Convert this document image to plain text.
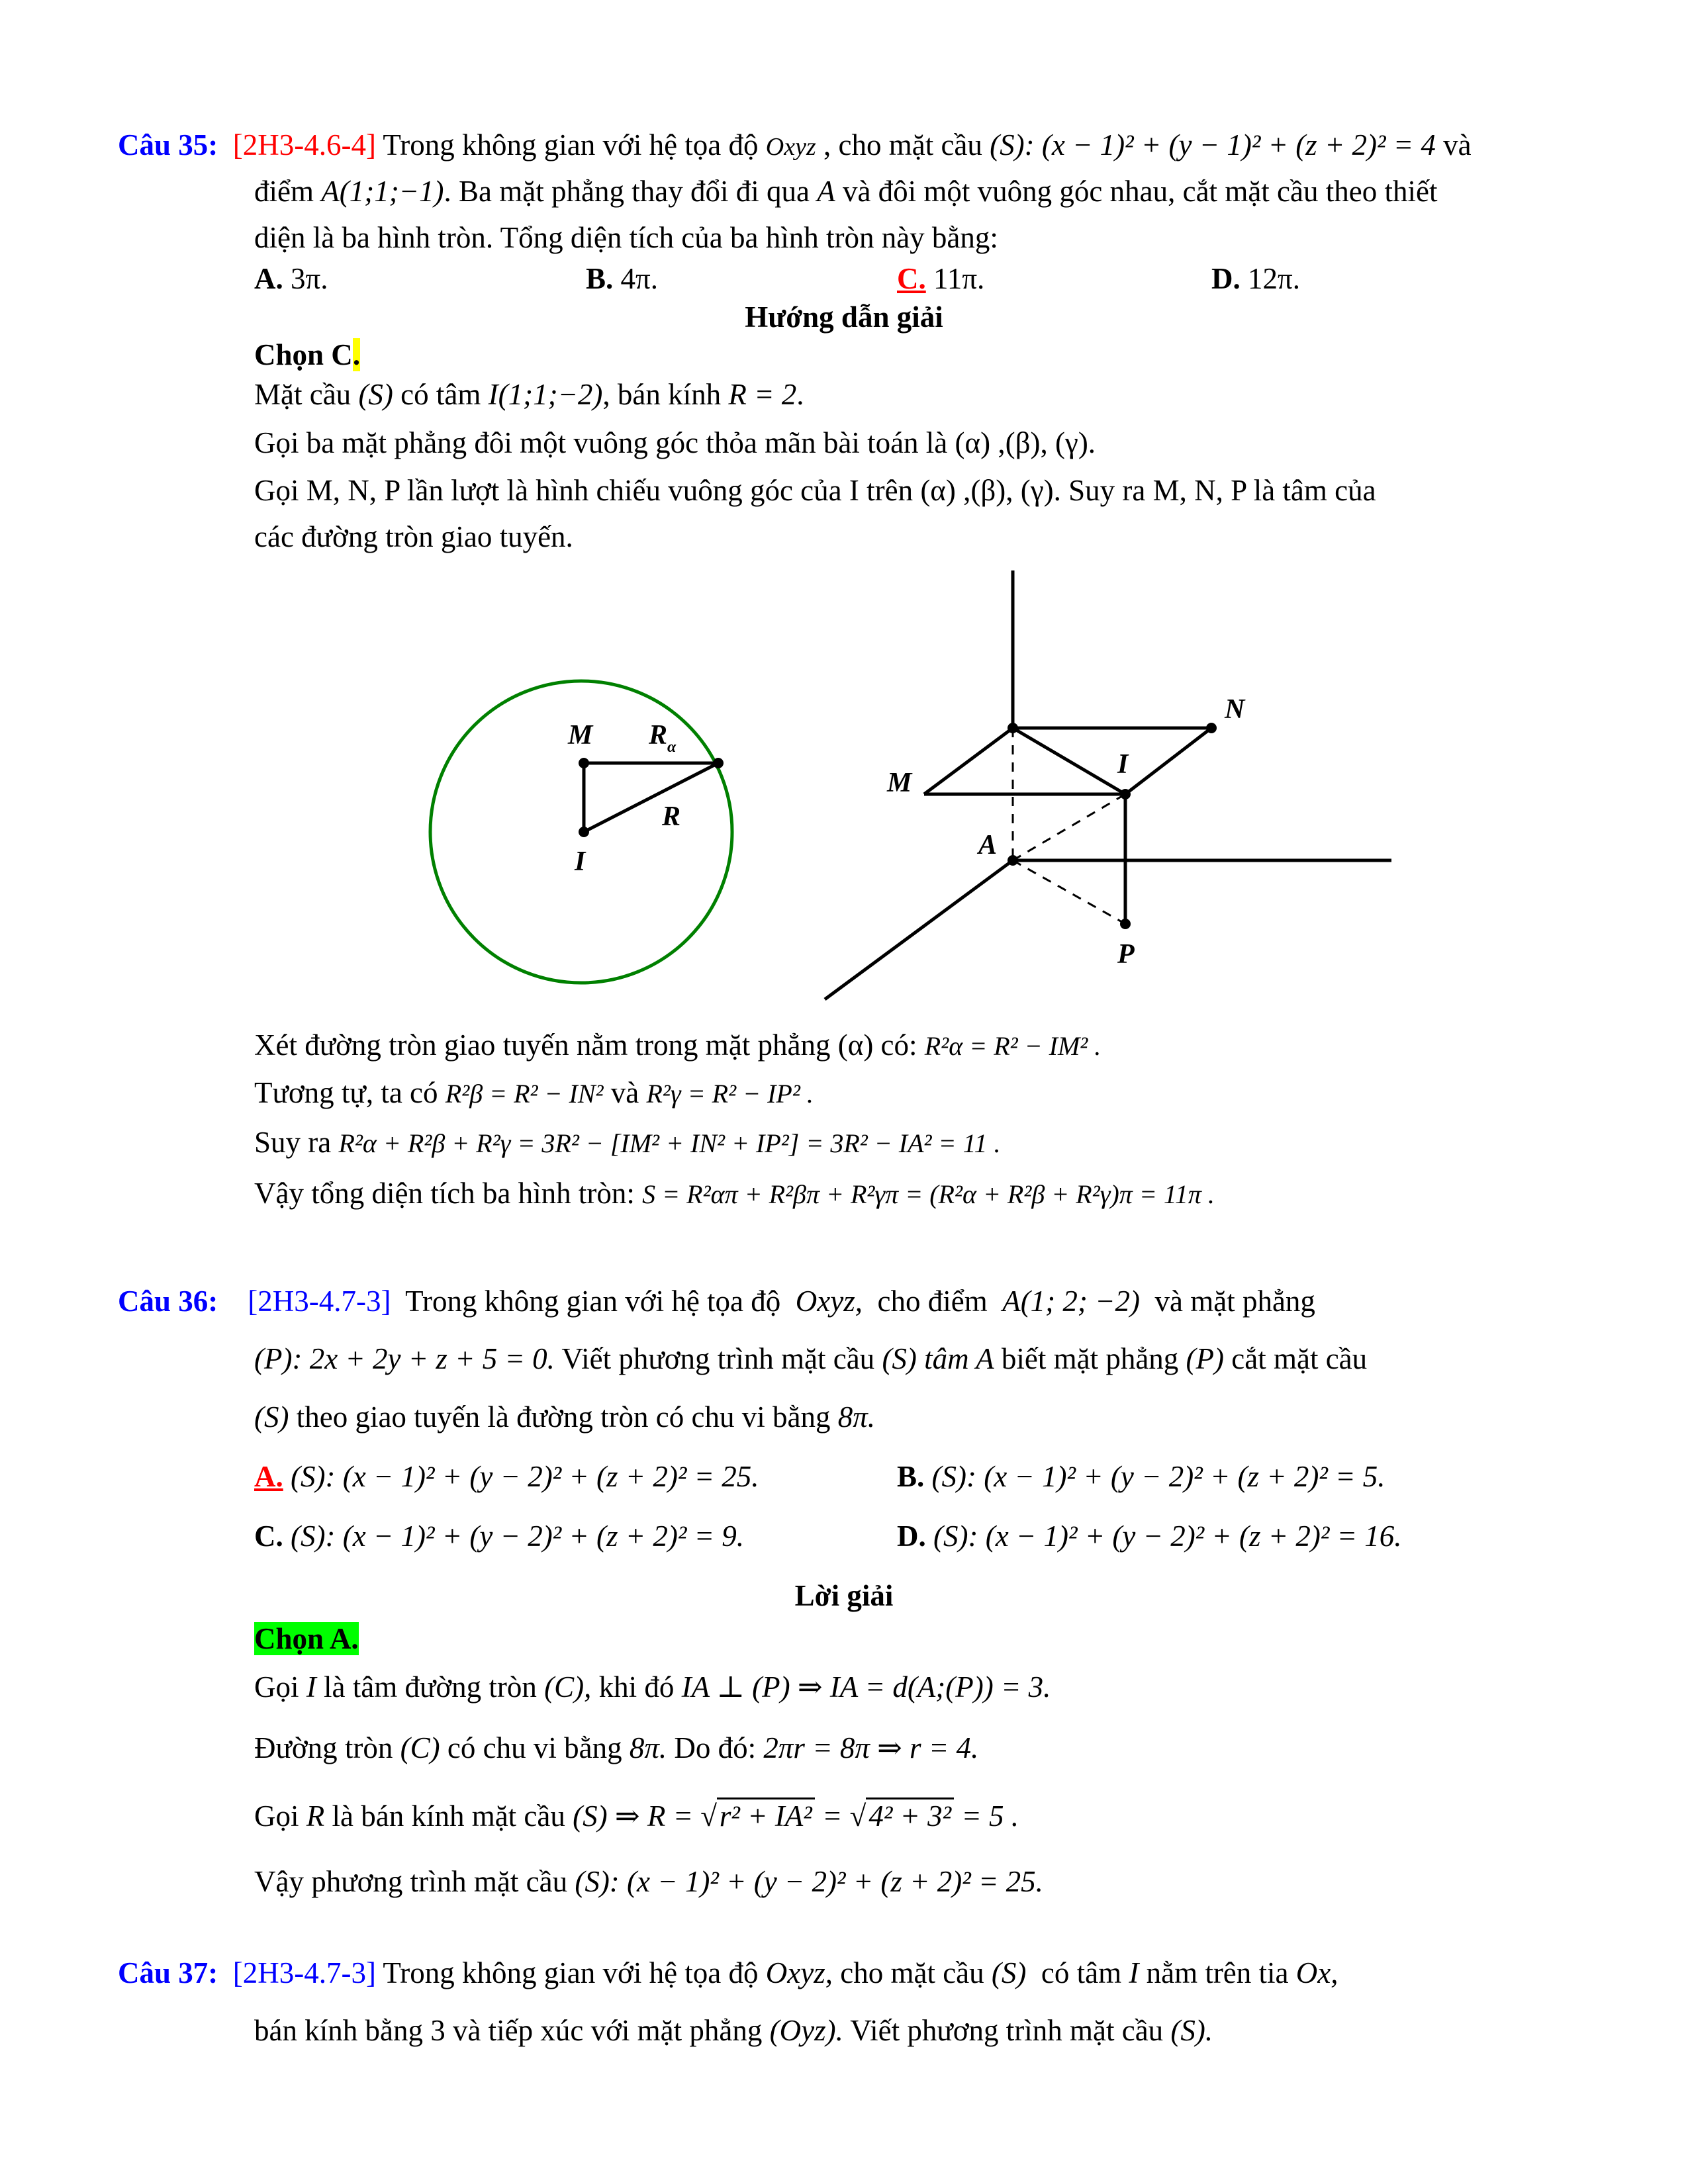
Câu 35: [2H3-4.6-4] Trong không gian với hệ tọa độ Oxyz , cho mặt cầu (S): (x − 1)² + (y − 1)² + (z + 2)² = 4 và
điểm A(1;1;−1). Ba mặt phẳng thay đổi đi qua A và đôi một vuông góc nhau, cắt mặt cầu theo thiết
diện là ba hình tròn. Tổng diện tích của ba hình tròn này bằng:
A. 3π.	B. 4π.	C. 11π.	D. 12π.
Hướng dẫn giải
Chọn C.
Mặt cầu (S) có tâm I(1;1;−2), bán kính R = 2.
Gọi ba mặt phẳng đôi một vuông góc thỏa mãn bài toán là (α) ,(β), (γ).
Gọi M, N, P lần lượt là hình chiếu vuông góc của I trên (α) ,(β), (γ). Suy ra M, N, P là tâm của
các đường tròn giao tuyến.
M R α
R
I
N
I
M
A
P
Xét đường tròn giao tuyến nằm trong mặt phẳng (α) có: R²α = R² − IM² .
Tương tự, ta có R²β = R² − IN² và R²γ = R² − IP² .
Suy ra R²α + R²β + R²γ = 3R² − [IM² + IN² + IP²] = 3R² − IA² = 11 .
Vậy tổng diện tích ba hình tròn: S = R²απ + R²βπ + R²γπ = (R²α + R²β + R²γ)π = 11π .
Câu 36: [2H3-4.7-3] Trong không gian với hệ tọa độ Oxyz, cho điểm A(1; 2; −2) và mặt phẳng
(P): 2x + 2y + z + 5 = 0. Viết phương trình mặt cầu (S) tâm A biết mặt phẳng (P) cắt mặt cầu
(S) theo giao tuyến là đường tròn có chu vi bằng 8π.
A. (S): (x − 1)² + (y − 2)² + (z + 2)² = 25.	B. (S): (x − 1)² + (y − 2)² + (z + 2)² = 5.
C. (S): (x − 1)² + (y − 2)² + (z + 2)² = 9.	D. (S): (x − 1)² + (y − 2)² + (z + 2)² = 16.
Lời giải
Chọn A.
Gọi I là tâm đường tròn (C), khi đó IA ⊥ (P) ⇒ IA = d(A;(P)) = 3.
Đường tròn (C) có chu vi bằng 8π. Do đó: 2πr = 8π ⇒ r = 4.
Gọi R là bán kính mặt cầu (S) ⇒ R = √r² + IA² = √4² + 3² = 5 .
Vậy phương trình mặt cầu (S): (x − 1)² + (y − 2)² + (z + 2)² = 25.
Câu 37: [2H3-4.7-3] Trong không gian với hệ tọa độ Oxyz, cho mặt cầu (S) có tâm I nằm trên tia Ox,
bán kính bằng 3 và tiếp xúc với mặt phẳng (Oyz). Viết phương trình mặt cầu (S).
